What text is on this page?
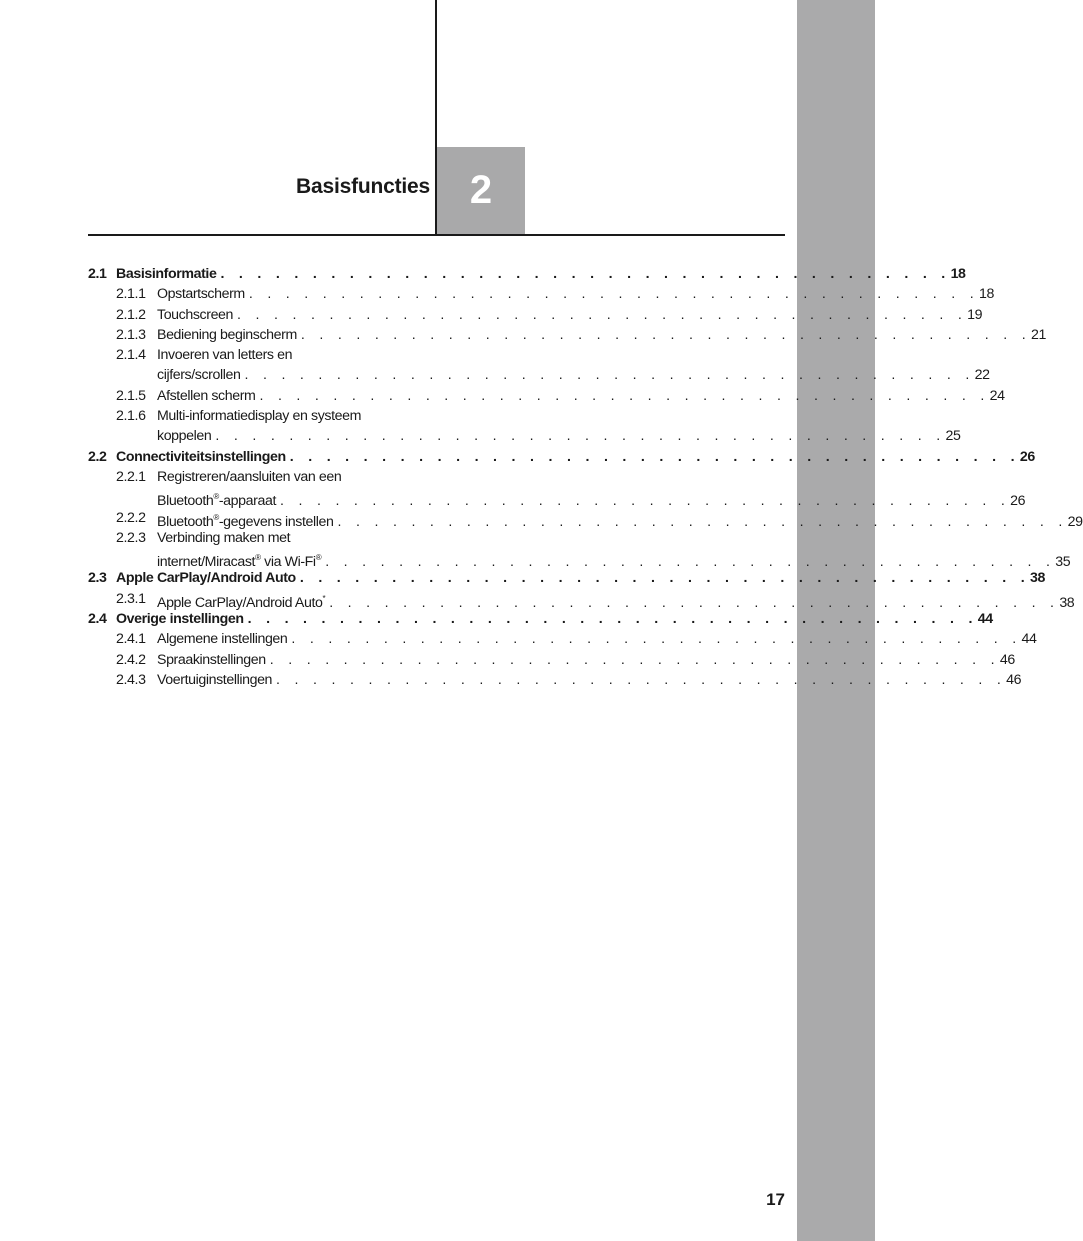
Basisfuncties 2
2.1 Basisinformatie . . . . . . . . . . . . . . . . . . . . . . . . . . . . . . . . . . . . . . . . 18
2.1.1 Opstartscherm . . . . . . . . . . . . . . . . . . . . . . . . . . . . . . . . . . . . . . . . 18
2.1.2 Touchscreen . . . . . . . . . . . . . . . . . . . . . . . . . . . . . . . . . . . . . . . . 19
2.1.3 Bediening beginscherm . . . . . . . . . . . . . . . . . . . . . . . . . . . . . . . . . . . . . . . . 21
2.1.4 Invoeren van letters en
cijfers/scrollen . . . . . . . . . . . . . . . . . . . . . . . . . . . . . . . . . . . . . . . . 22
2.1.5 Afstellen scherm . . . . . . . . . . . . . . . . . . . . . . . . . . . . . . . . . . . . . . . . 24
2.1.6 Multi-informatiedisplay en systeem
koppelen . . . . . . . . . . . . . . . . . . . . . . . . . . . . . . . . . . . . . . . . 25
2.2 Connectiviteitsinstellingen . . . . . . . . . . . . . . . . . . . . . . . . . . . . . . . . . . . . . . . . 26
2.2.1 Registreren/aansluiten van een
Bluetooth®-apparaat . . . . . . . . . . . . . . . . . . . . . . . . . . . . . . . . . . . . . . . . 26
2.2.2 Bluetooth®-gegevens instellen . . . . . . . . . . . . . . . . . . . . . . . . . . . . . . . . . . . . . . . . 29
2.2.3 Verbinding maken met
internet/Miracast® via Wi-Fi® . . . . . . . . . . . . . . . . . . . . . . . . . . . . . . . . . . . . . . . . 35
2.3 Apple CarPlay/Android Auto . . . . . . . . . . . . . . . . . . . . . . . . . . . . . . . . . . . . . . . . 38
2.3.1 Apple CarPlay/Android Auto* . . . . . . . . . . . . . . . . . . . . . . . . . . . . . . . . . . . . . . . . 38
2.4 Overige instellingen . . . . . . . . . . . . . . . . . . . . . . . . . . . . . . . . . . . . . . . . 44
2.4.1 Algemene instellingen . . . . . . . . . . . . . . . . . . . . . . . . . . . . . . . . . . . . . . . . 44
2.4.2 Spraakinstellingen . . . . . . . . . . . . . . . . . . . . . . . . . . . . . . . . . . . . . . . . 46
2.4.3 Voertuiginstellingen . . . . . . . . . . . . . . . . . . . . . . . . . . . . . . . . . . . . . . . . 46
17
